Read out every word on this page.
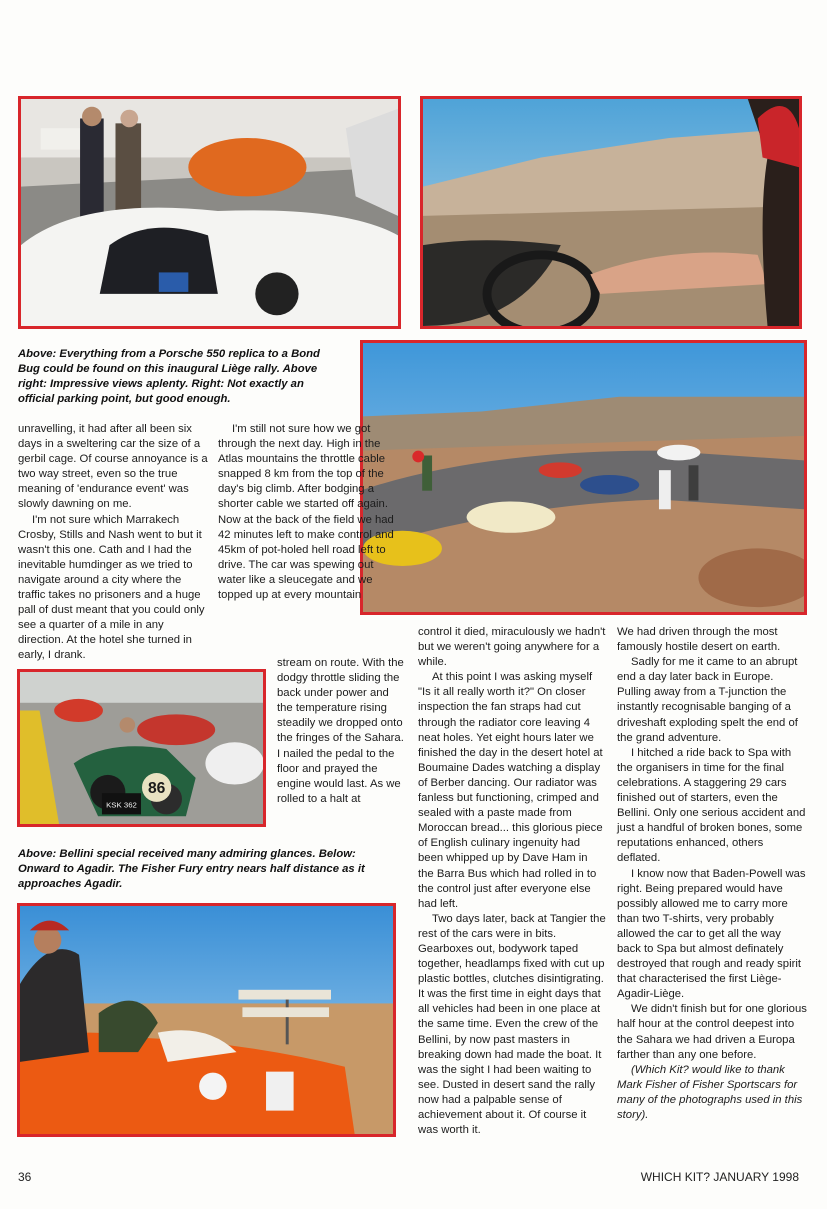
86
KSK 362
Above: Everything from a Porsche 550 replica to a Bond Bug could be found on this inaugural Liège rally. Above right: Impressive views aplenty. Right: Not exactly an official parking point, but good enough.
Above: Bellini special received many admiring glances. Below: Onward to Agadir. The Fisher Fury entry nears half distance as it approaches Agadir.

unravelling, it had after all been six days in a sweltering car the size of a gerbil cage. Of course annoyance is a two way street, even so the true meaning of 'endurance event' was slowly dawning on me.

I'm not sure which Marrakech Crosby, Stills and Nash went to but it wasn't this one. Cath and I had the inevitable humdinger as we tried to navigate around a city where the traffic takes no prisoners and a huge pall of dust meant that you could only see a quarter of a mile in any direction. At the hotel she turned in early, I drank.

I'm still not sure how we got through the next day. High in the Atlas mountains the throttle cable snapped 8 km from the top of the day's big climb. After bodging a shorter cable we started off again. Now at the back of the field we had 42 minutes left to make control and 45km of pot-holed hell road left to drive. The car was spewing out water like a sleucegate and we topped up at every mountain

stream on route. With the dodgy throttle sliding the back under power and the temperature rising steadily we dropped onto the fringes of the Sahara. I nailed the pedal to the floor and prayed the engine would last. As we rolled to a halt at

control it died, miraculously we hadn't but we weren't going anywhere for a while.

At this point I was asking myself "Is it all really worth it?" On closer inspection the fan straps had cut through the radiator core leaving 4 neat holes. Yet eight hours later we finished the day in the desert hotel at Boumaine Dades watching a display of Berber dancing. Our radiator was fanless but functioning, crimped and sealed with a paste made from Moroccan bread... this glorious piece of English culinary ingenuity had been whipped up by Dave Ham in the Barra Bus which had rolled in to the control just after everyone else had left.

Two days later, back at Tangier the rest of the cars were in bits. Gearboxes out, bodywork taped together, headlamps fixed with cut up plastic bottles, clutches disintigrating. It was the first time in eight days that all vehicles had been in one place at the same time. Even the crew of the Bellini, by now past masters in breaking down had made the boat. It was the sight I had been waiting to see. Dusted in desert sand the rally now had a palpable sense of achievement about it. Of course it was worth it.

We had driven through the most famously hostile desert on earth.

Sadly for me it came to an abrupt end a day later back in Europe. Pulling away from a T-junction the instantly recognisable banging of a driveshaft exploding spelt the end of the grand adventure.

I hitched a ride back to Spa with the organisers in time for the final celebrations. A staggering 29 cars finished out of starters, even the Bellini. Only one serious accident and just a handful of broken bones, some reputations enhanced, others deflated.

I know now that Baden-Powell was right. Being prepared would have possibly allowed me to carry more than two T-shirts, very probably allowed the car to get all the way back to Spa but almost definately destroyed that rough and ready spirit that characterised the first Liège-Agadir-Liège.

We didn't finish but for one glorious half hour at the control deepest into the Sahara we had driven a Europa farther than any one before.

(Which Kit? would like to thank Mark Fisher of Fisher Sportscars for many of the photographs used in this story).

36	WHICH KIT? JANUARY 1998
